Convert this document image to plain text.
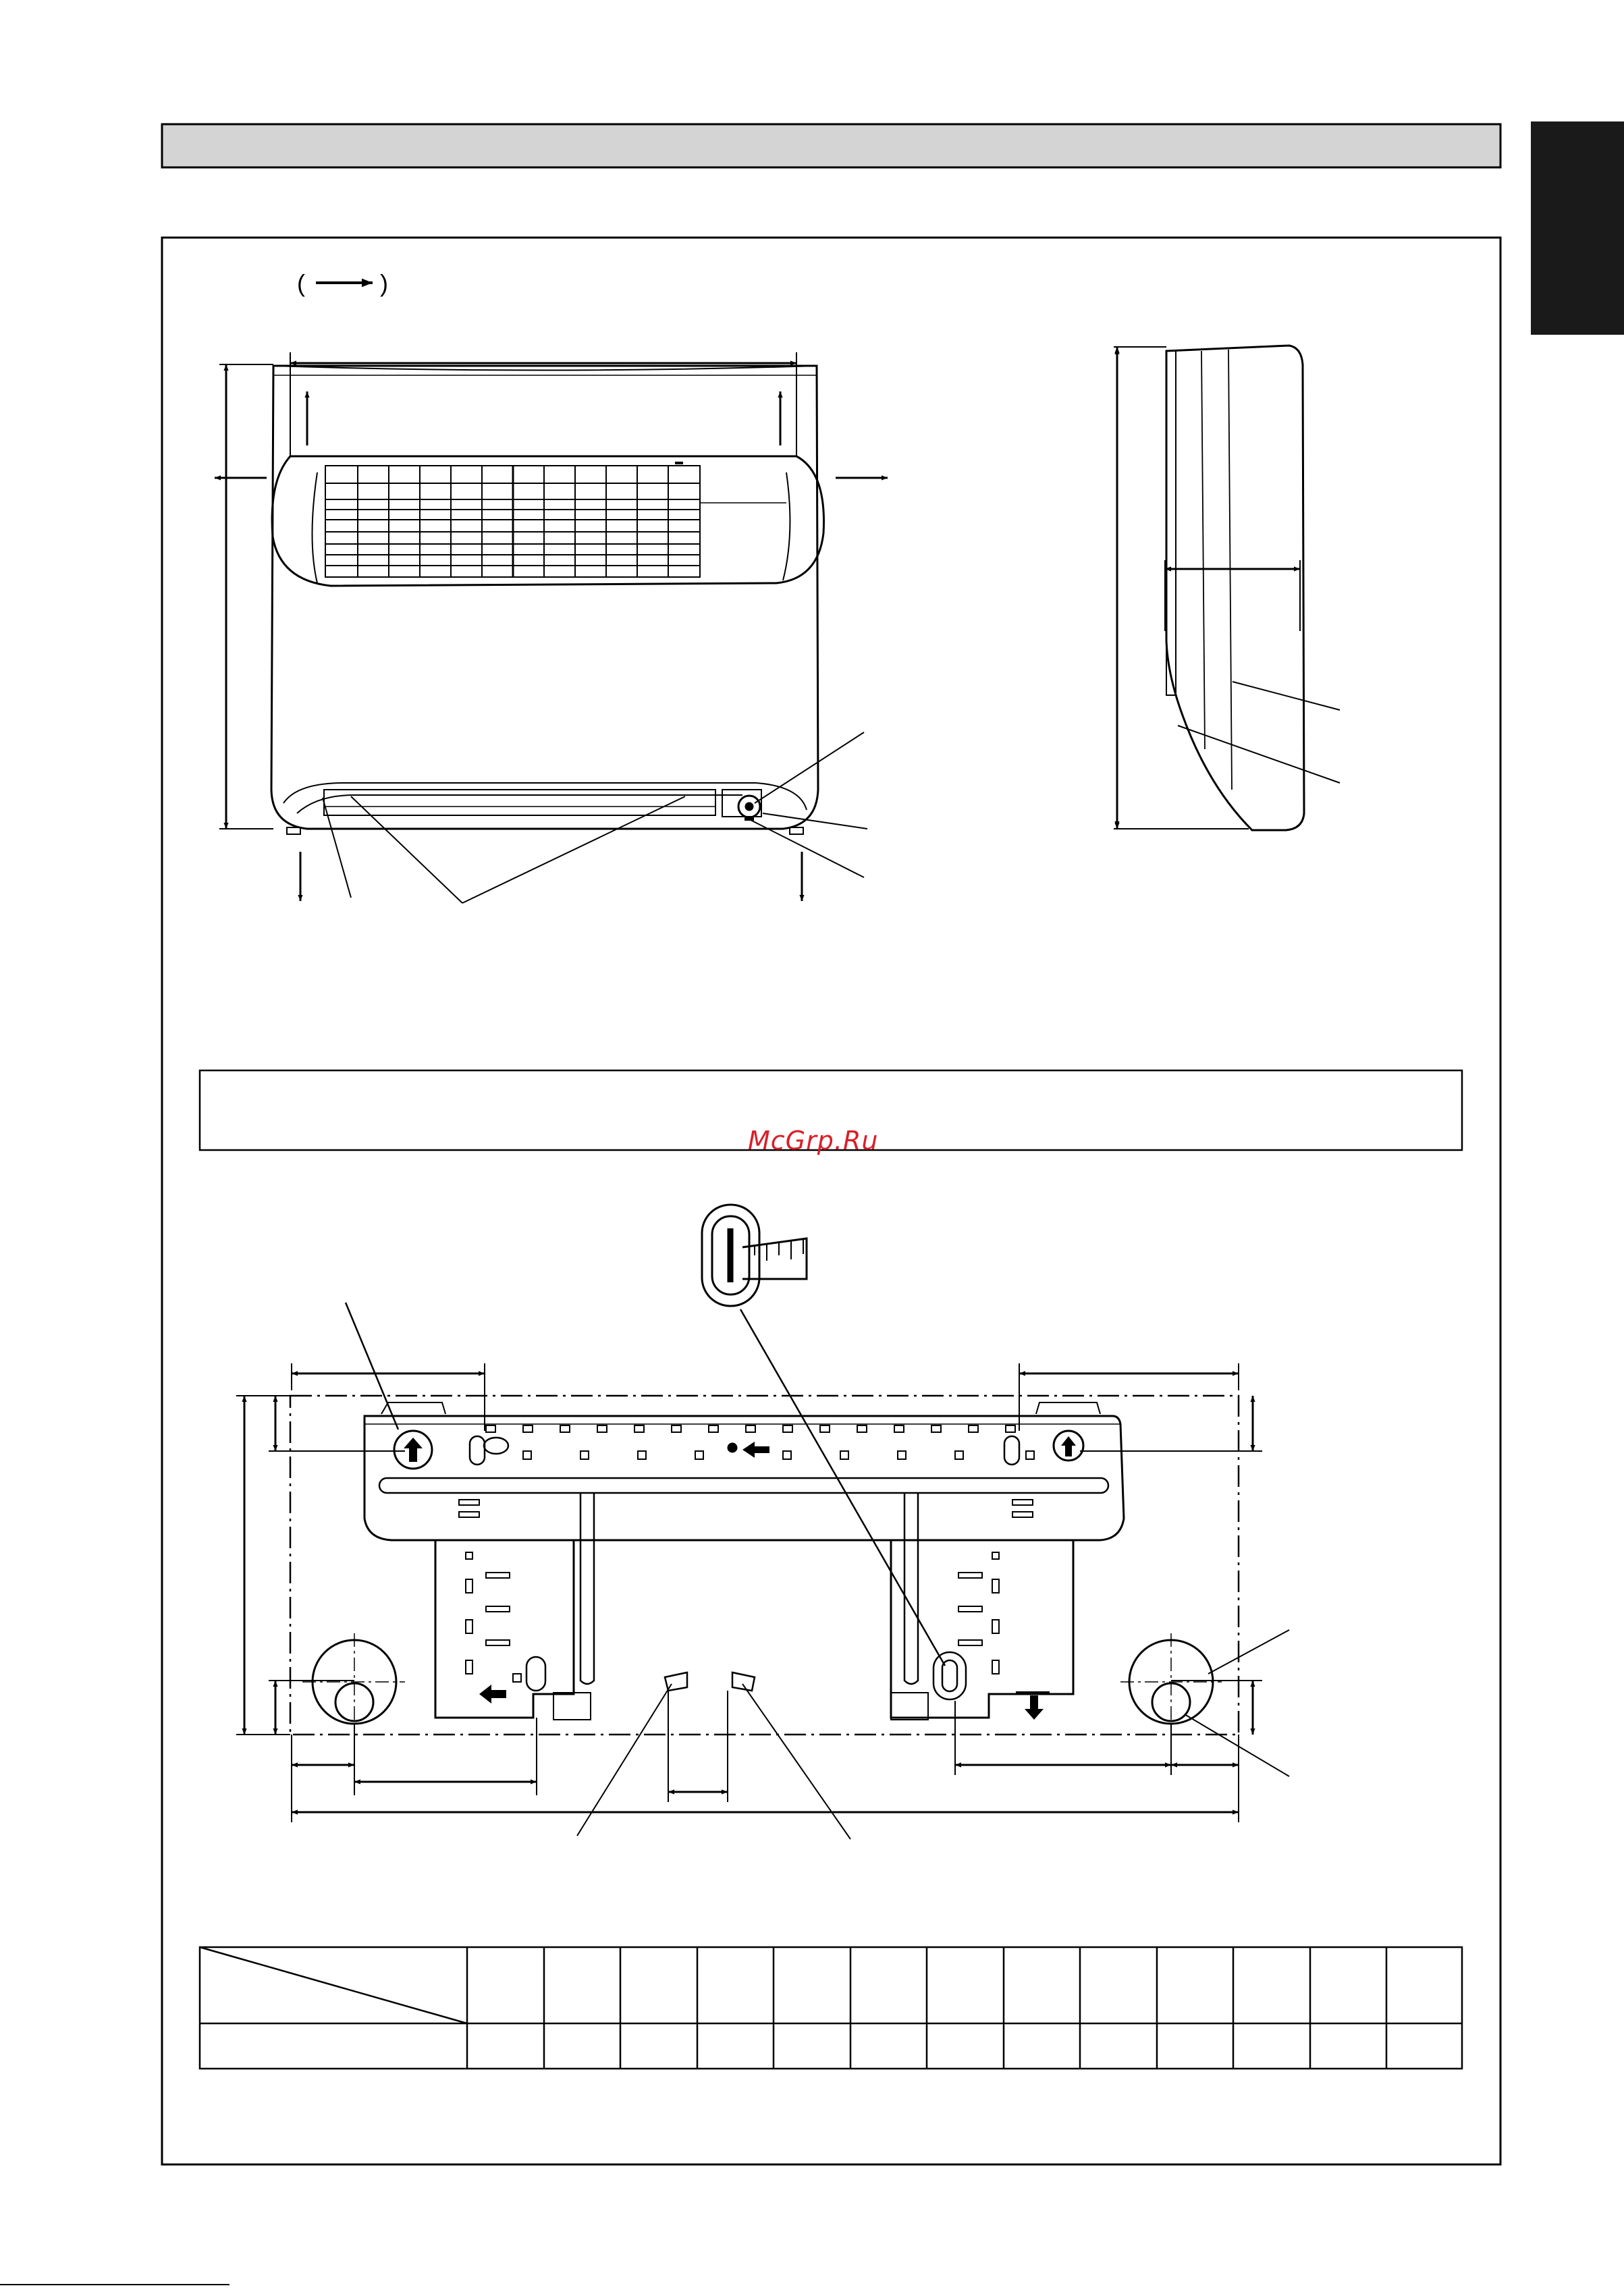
(	)
McGrp.Ru
